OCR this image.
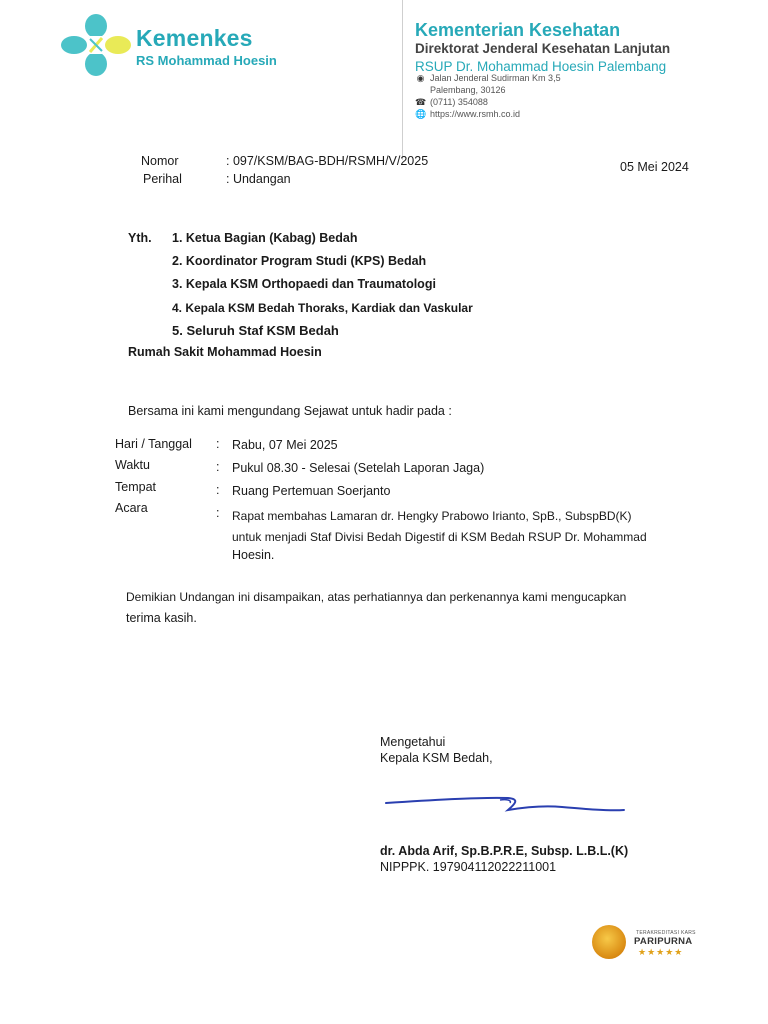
Kemenkes
RS Mohammad Hoesin
Kementerian Kesehatan
Direktorat Jenderal Kesehatan Lanjutan
RSUP Dr. Mohammad Hoesin Palembang
◉ Jalan Jenderal Sudirman Km 3,5
Palembang, 30126
☎ (0711) 354088
🌐 https://www.rsmh.co.id
Nomor	: 097/KSM/BAG-BDH/RSMH/V/2025	05 Mei 2024
Perihal	: Undangan
Yth. 1. Ketua Bagian (Kabag) Bedah
2. Koordinator Program Studi (KPS) Bedah
3. Kepala KSM Orthopaedi dan Traumatologi
4. Kepala KSM Bedah Thoraks, Kardiak dan Vaskular
5. Seluruh Staf KSM Bedah
Rumah Sakit Mohammad Hoesin
Bersama ini kami mengundang Sejawat untuk hadir pada :
Hari / Tanggal : Rabu, 07 Mei 2025
Waktu	: Pukul 08.30 - Selesai (Setelah Laporan Jaga)
Tempat	: Ruang Pertemuan Soerjanto
Acara	: Rapat membahas Lamaran dr. Hengky Prabowo Irianto, SpB., SubspBD(K)
untuk menjadi Staf Divisi Bedah Digestif di KSM Bedah RSUP Dr. Mohammad
Hoesin.
Demikian Undangan ini disampaikan, atas perhatiannya dan perkenannya kami mengucapkan
terima kasih.
Mengetahui
Kepala KSM Bedah,
dr. Abda Arif, Sp.B.P.R.E, Subsp. L.B.L.(K)
NIPPPK. 197904112022211001
TERAKREDITASI KARS
PARIPURNA
★★★★★
